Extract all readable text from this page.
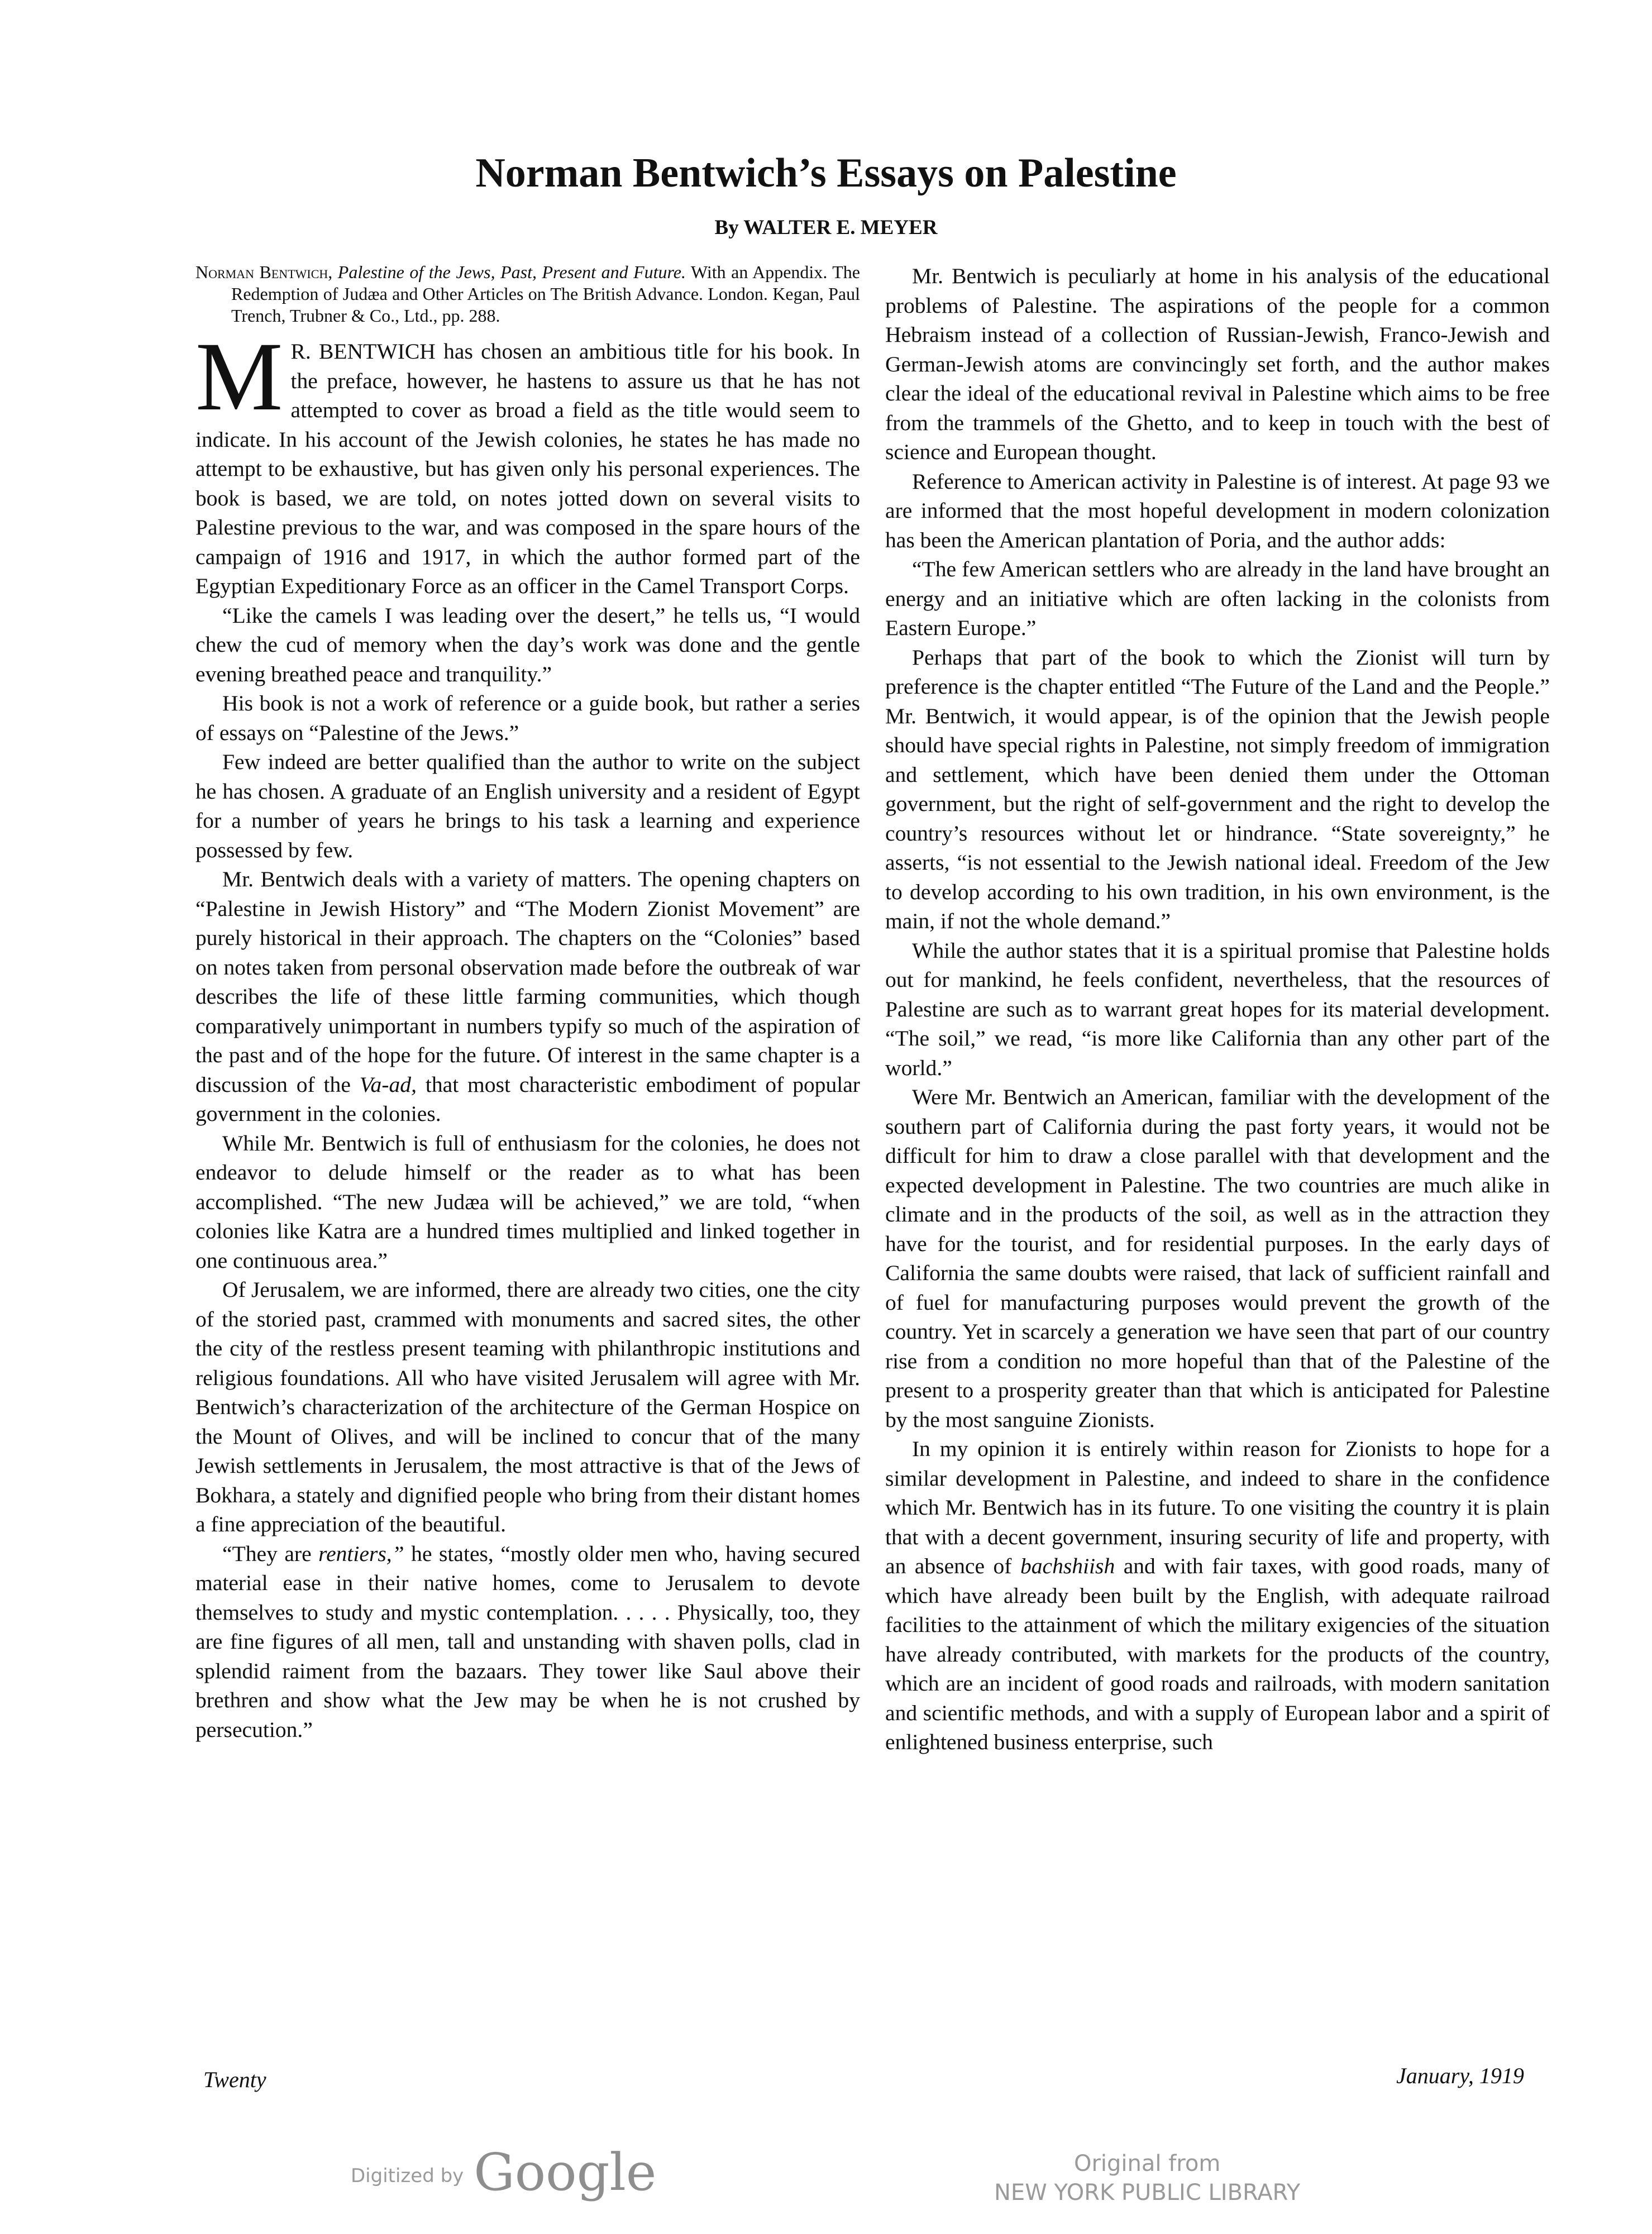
Norman Bentwich’s Essays on Palestine
By WALTER E. MEYER
Norman Bentwich, Palestine of the Jews, Past, Present and Future. With an Appendix. The Redemption of Judæa and Other Articles on The British Advance. London. Kegan, Paul Trench, Trubner & Co., Ltd., pp. 288.

M R. BENTWICH has chosen an ambitious title for his book. In the preface, however, he hastens to assure us that he has not attempted to cover as broad a field as the title would seem to indicate. In his account of the Jewish colonies, he states he has made no attempt to be exhaustive, but has given only his personal experiences. The book is based, we are told, on notes jotted down on several visits to Palestine previous to the war, and was composed in the spare hours of the campaign of 1916 and 1917, in which the author formed part of the Egyptian Expeditionary Force as an officer in the Camel Transport Corps.

“Like the camels I was leading over the desert,” he tells us, “I would chew the cud of memory when the day’s work was done and the gentle evening breathed peace and tranquility.”

His book is not a work of reference or a guide book, but rather a series of essays on “Palestine of the Jews.”

Few indeed are better qualified than the author to write on the subject he has chosen. A graduate of an English university and a resident of Egypt for a number of years he brings to his task a learning and experience possessed by few.

Mr. Bentwich deals with a variety of matters. The opening chapters on “Palestine in Jewish History” and “The Modern Zionist Movement” are purely historical in their approach. The chapters on the “Colonies” based on notes taken from personal observation made before the outbreak of war describes the life of these little farming communities, which though comparatively unimportant in numbers typify so much of the aspiration of the past and of the hope for the future. Of interest in the same chapter is a discussion of the Va-ad, that most characteristic embodiment of popular government in the colonies.

While Mr. Bentwich is full of enthusiasm for the colonies, he does not endeavor to delude himself or the reader as to what has been accomplished. “The new Judæa will be achieved,” we are told, “when colonies like Katra are a hundred times multiplied and linked together in one continuous area.”

Of Jerusalem, we are informed, there are already two cities, one the city of the storied past, crammed with monuments and sacred sites, the other the city of the restless present teaming with philanthropic institutions and religious foundations. All who have visited Jerusalem will agree with Mr. Bentwich’s characterization of the architecture of the German Hospice on the Mount of Olives, and will be inclined to concur that of the many Jewish settlements in Jerusalem, the most attractive is that of the Jews of Bokhara, a stately and dignified people who bring from their distant homes a fine appreciation of the beautiful.

“They are rentiers,” he states, “mostly older men who, having secured material ease in their native homes, come to Jerusalem to devote themselves to study and mystic contemplation. . . . . Physically, too, they are fine figures of all men, tall and unstanding with shaven polls, clad in splendid raiment from the bazaars. They tower like Saul above their brethren and show what the Jew may be when he is not crushed by persecution.”

Mr. Bentwich is peculiarly at home in his analysis of the educational problems of Palestine. The aspirations of the people for a common Hebraism instead of a collection of Russian-Jewish, Franco-Jewish and German-Jewish atoms are convincingly set forth, and the author makes clear the ideal of the educational revival in Palestine which aims to be free from the trammels of the Ghetto, and to keep in touch with the best of science and European thought.

Reference to American activity in Palestine is of interest. At page 93 we are informed that the most hopeful development in modern colonization has been the American plantation of Poria, and the author adds:

“The few American settlers who are already in the land have brought an energy and an initiative which are often lacking in the colonists from Eastern Europe.”

Perhaps that part of the book to which the Zionist will turn by preference is the chapter entitled “The Future of the Land and the People.” Mr. Bentwich, it would appear, is of the opinion that the Jewish people should have special rights in Palestine, not simply freedom of immigration and settlement, which have been denied them under the Ottoman government, but the right of self-government and the right to develop the country’s resources without let or hindrance. “State sovereignty,” he asserts, “is not essential to the Jewish national ideal. Freedom of the Jew to develop according to his own tradition, in his own environment, is the main, if not the whole demand.”

While the author states that it is a spiritual promise that Palestine holds out for mankind, he feels confident, nevertheless, that the resources of Palestine are such as to warrant great hopes for its material development. “The soil,” we read, “is more like California than any other part of the world.”

Were Mr. Bentwich an American, familiar with the development of the southern part of California during the past forty years, it would not be difficult for him to draw a close parallel with that development and the expected development in Palestine. The two countries are much alike in climate and in the products of the soil, as well as in the attraction they have for the tourist, and for residential purposes. In the early days of California the same doubts were raised, that lack of sufficient rainfall and of fuel for manufacturing purposes would prevent the growth of the country. Yet in scarcely a generation we have seen that part of our country rise from a condition no more hopeful than that of the Palestine of the present to a prosperity greater than that which is anticipated for Palestine by the most sanguine Zionists.

In my opinion it is entirely within reason for Zionists to hope for a similar development in Palestine, and indeed to share in the confidence which Mr. Bentwich has in its future. To one visiting the country it is plain that with a decent government, insuring security of life and property, with an absence of bachshiish and with fair taxes, with good roads, many of which have already been built by the English, with adequate railroad facilities to the attainment of which the military exigencies of the situation have already contributed, with markets for the products of the country, which are an incident of good roads and railroads, with modern sanitation and scientific methods, and with a supply of European labor and a spirit of enlightened business enterprise, such

Twenty	January, 1919
Digitized by Google	Original from
NEW YORK PUBLIC LIBRARY
